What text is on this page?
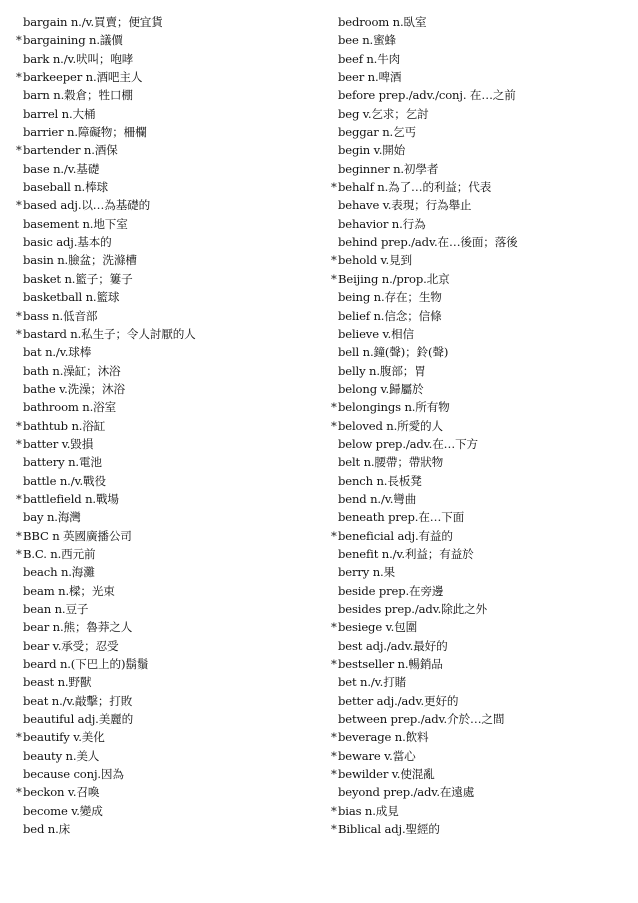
bargain n./v.買賣；便宜貨
*bargaining n.議價
bark n./v.吠叫；咆哮
*barkeeper n.酒吧主人
barn n.穀倉；牲口棚
barrel n.大桶
barrier n.障礙物；柵欄
*bartender n.酒保
base n./v.基礎
baseball n.棒球
*based adj.以…為基礎的
basement n.地下室
basic adj.基本的
basin n.臉盆；洗滌槽
basket n.籃子；簍子
basketball n.籃球
*bass n.低音部
*bastard n.私生子；令人討厭的人
bat n./v.球棒
bath n.澡缸；沐浴
bathe v.洗澡；沐浴
bathroom n.浴室
*bathtub n.浴缸
*batter v.毀損
battery n.電池
battle n./v.戰役
*battlefield n.戰場
bay n.海灣
*BBC n 英國廣播公司
*B.C. n.西元前
beach n.海灘
beam n.樑；光束
bean n.豆子
bear n.熊；魯莽之人
bear v.承受；忍受
beard n.(下巴上的)鬍鬚
beast n.野獸
beat n./v.敲擊；打敗
beautiful adj.美麗的
*beautify v.美化
beauty n.美人
because conj.因為
*beckon v.召喚
become v.變成
bed n.床
bedroom n.臥室
bee n.蜜蜂
beef n.牛肉
beer n.啤酒
before prep./adv./conj. 在…之前
beg v.乞求；乞討
beggar n.乞丐
begin v.開始
beginner n.初學者
*behalf n.為了…的利益；代表
behave v.表現；行為舉止
behavior n.行為
behind prep./adv.在…後面；落後
*behold v.見到
*Beijing n./prop.北京
being n.存在；生物
belief n.信念；信條
believe v.相信
bell n.鐘(聲)；鈴(聲)
belly n.腹部；胃
belong v.歸屬於
*belongings n.所有物
*beloved n.所愛的人
below prep./adv.在…下方
belt n.腰帶；帶狀物
bench n.長板凳
bend n./v.彎曲
beneath prep.在…下面
*beneficial adj.有益的
benefit n./v.利益；有益於
berry n.果
beside prep.在旁邊
besides prep./adv.除此之外
*besiege v.包圍
best adj./adv.最好的
*bestseller n.暢銷品
bet n./v.打賭
better adj./adv.更好的
between prep./adv.介於…之間
*beverage n.飲料
*beware v.當心
*bewilder v.使混亂
beyond prep./adv.在遠處
*bias n.成見
*Biblical adj.聖經的
